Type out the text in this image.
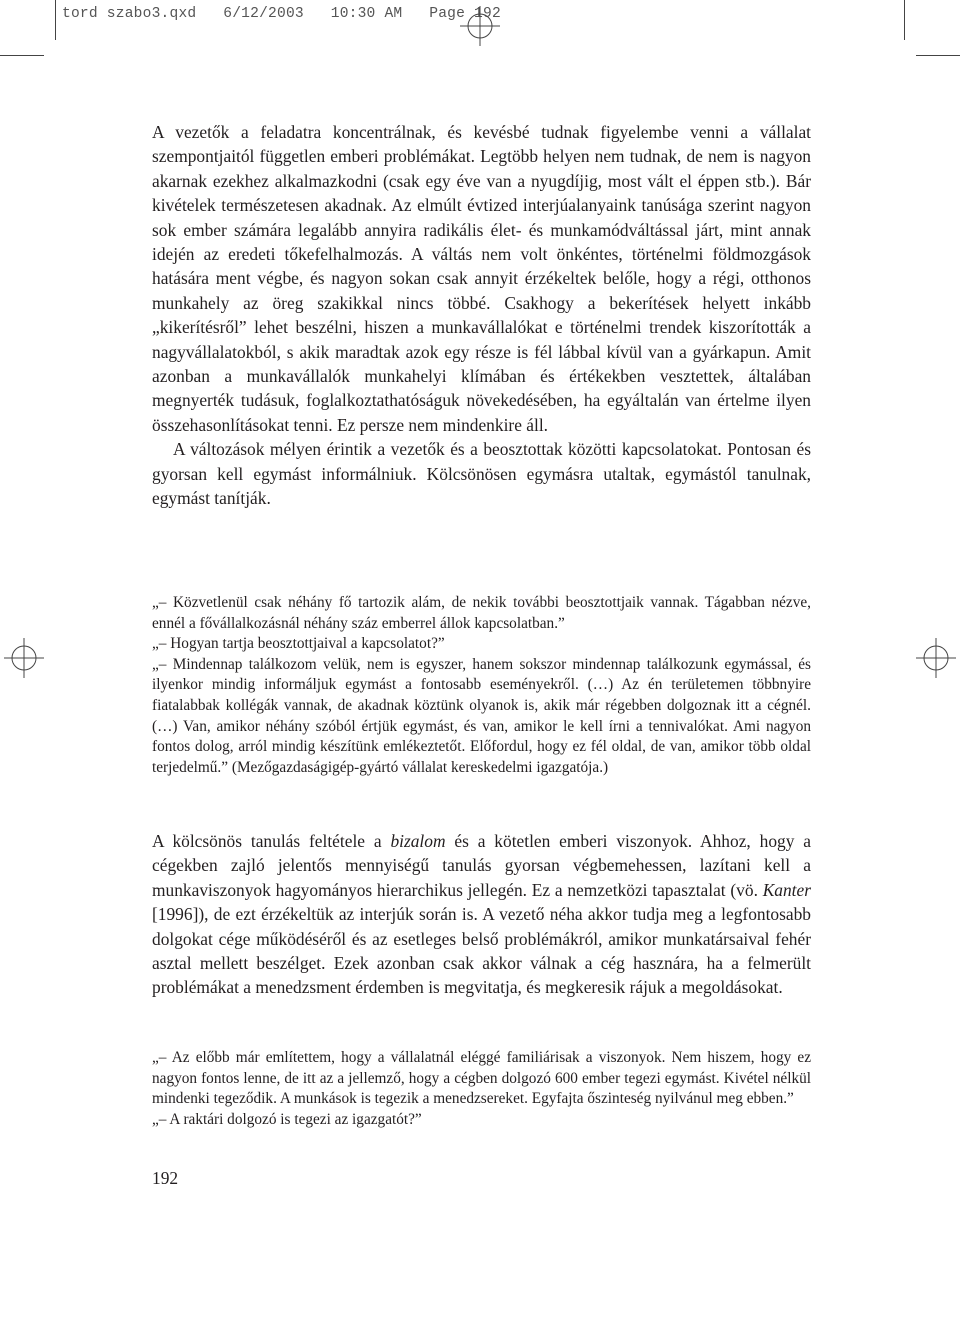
tord szabo3.qxd   6/12/2003   10:30 AM   Page 192

A vezetők a feladatra koncentrálnak, és kevésbé tudnak figyelembe venni a vállalat szempontjaitól független emberi problémákat. Legtöbb helyen nem tudnak, de nem is nagyon akarnak ezekhez alkalmazkodni (csak egy éve van a nyugdíjig, most vált el éppen stb.). Bár kivételek természetesen akadnak. Az elmúlt évtized interjúalanyaink tanúsága szerint nagyon sok ember számára legalább annyira radikális élet- és munkamódváltással járt, mint annak idején az eredeti tőkefelhalmozás. A váltás nem volt önkéntes, történelmi földmozgások hatására ment végbe, és nagyon sokan csak annyit érzékeltek belőle, hogy a régi, otthonos munkahely az öreg szakikkal nincs többé. Csakhogy a bekerítések helyett inkább „kikerítésről” lehet beszélni, hiszen a munkavállalókat e történelmi trendek kiszorították a nagyvállalatokból, s akik maradtak azok egy része is fél lábbal kívül van a gyárkapun. Amit azonban a munkavállalók munkahelyi klímában és értékekben vesztettek, általában megnyerték tudásuk, foglalkoztathatóságuk növekedésében, ha egyáltalán van értelme ilyen összehasonlításokat tenni. Ez persze nem mindenkire áll.

A változások mélyen érintik a vezetők és a beosztottak közötti kapcsolatokat. Pontosan és gyorsan kell egymást informálniuk. Kölcsönösen egymásra utaltak, egymástól tanulnak, egymást tanítják.

„– Közvetlenül csak néhány fő tartozik alám, de nekik további beosztottjaik vannak. Tágabban nézve, ennél a fővállalkozásnál néhány száz emberrel állok kapcsolatban.”

„– Hogyan tartja beosztottjaival a kapcsolatot?”

„– Mindennap találkozom velük, nem is egyszer, hanem sokszor mindennap találkozunk egymással, és ilyenkor mindig informáljuk egymást a fontosabb eseményekről. (…) Az én területemen többnyire fiatalabbak kollégák vannak, de akadnak köztünk olyanok is, akik már régebben dolgoznak itt a cégnél. (…) Van, amikor néhány szóból értjük egymást, és van, amikor le kell írni a tennivalókat. Ami nagyon fontos dolog, arról mindig készítünk emlékeztetőt. Előfordul, hogy ez fél oldal, de van, amikor több oldal terjedelmű.” (Mezőgazdaságigép-gyártó vállalat kereskedelmi igazgatója.)

A kölcsönös tanulás feltétele a bizalom és a kötetlen emberi viszonyok. Ahhoz, hogy a cégekben zajló jelentős mennyiségű tanulás gyorsan végbemehessen, lazítani kell a munkaviszonyok hagyományos hierarchikus jellegén. Ez a nemzetközi tapasztalat (vö. Kanter [1996]), de ezt érzékeltük az interjúk során is. A vezető néha akkor tudja meg a legfontosabb dolgokat cége működéséről és az esetleges belső problémákról, amikor munkatársaival fehér asztal mellett beszélget. Ezek azonban csak akkor válnak a cég hasznára, ha a felmerült problémákat a menedzsment érdemben is megvitatja, és megkeresik rájuk a megoldásokat.

„– Az előbb már említettem, hogy a vállalatnál eléggé familiárisak a viszonyok. Nem hiszem, hogy ez nagyon fontos lenne, de itt az a jellemző, hogy a cégben dolgozó 600 ember tegezi egymást. Kivétel nélkül mindenki tegeződik. A munkások is tegezik a menedzsereket. Egyfajta őszinteség nyilvánul meg ebben.”

„– A raktári dolgozó is tegezi az igazgatót?”

192
